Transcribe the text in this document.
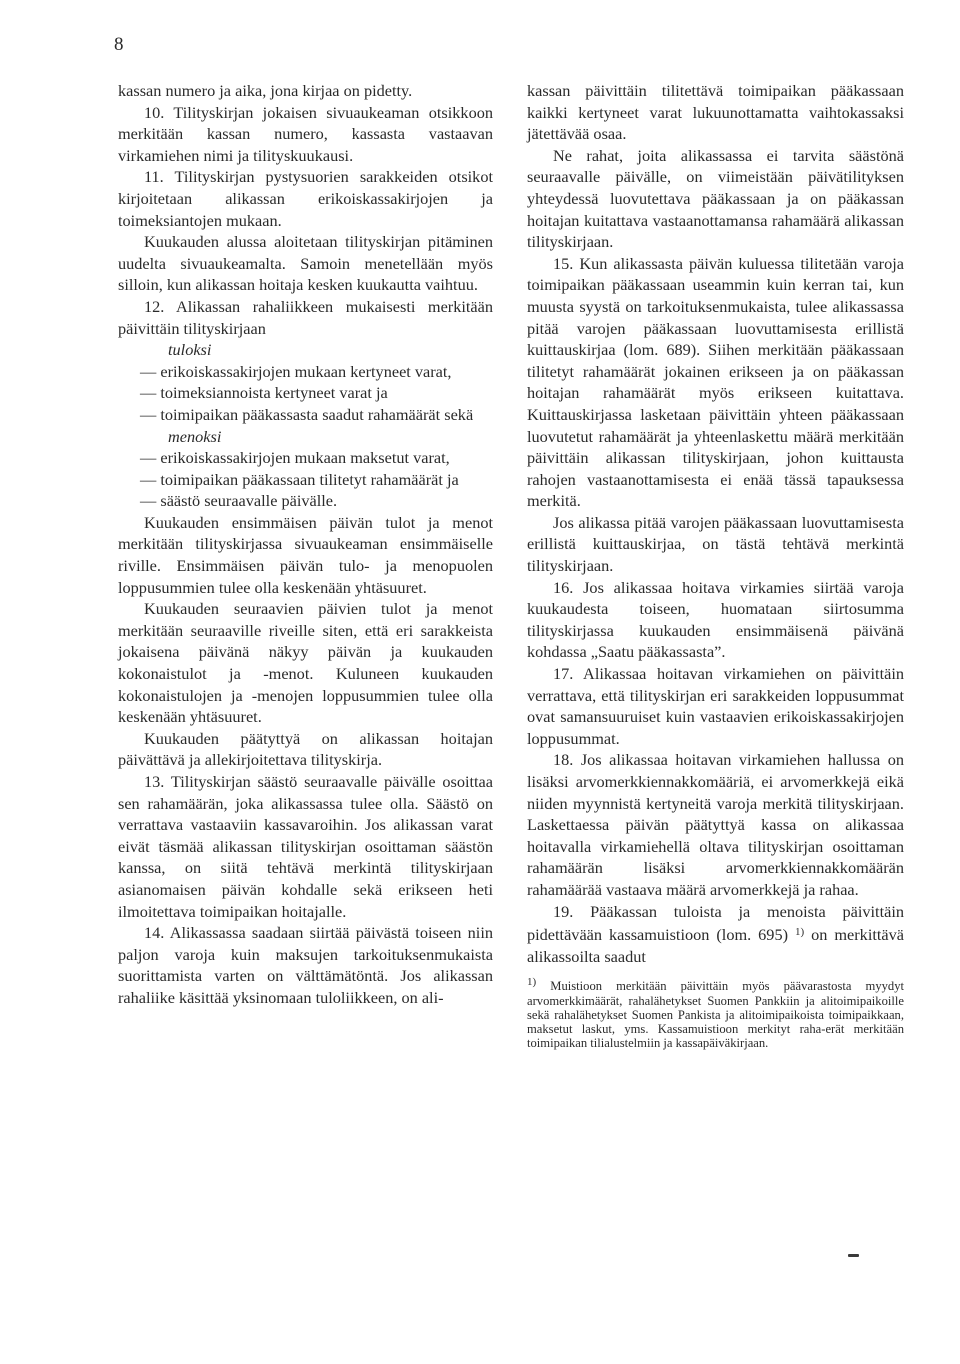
8

kassan numero ja aika, jona kirjaa on pidetty.

10. Tilityskirjan jokaisen sivuaukeaman otsikkoon merkitään kassan numero, kassasta vastaavan virkamiehen nimi ja tilityskuukausi.

11. Tilityskirjan pystysuorien sarakkeiden otsikot kirjoitetaan alikassan erikoiskassakirjojen ja toimeksiantojen mukaan.

Kuukauden alussa aloitetaan tilityskirjan pitäminen uudelta sivuaukeamalta. Samoin menetellään myös silloin, kun alikassan hoitaja kesken kuukautta vaihtuu.

12. Alikassan rahaliikkeen mukaisesti merkitään päivittäin tilityskirjaan

tuloksi

— erikoiskassakirjojen mukaan kertyneet varat,

— toimeksiannoista kertyneet varat ja

— toimipaikan pääkassasta saadut rahamäärät sekä

menoksi

— erikoiskassakirjojen mukaan maksetut varat,

— toimipaikan pääkassaan tilitetyt rahamäärät ja

— säästö seuraavalle päivälle.

Kuukauden ensimmäisen päivän tulot ja menot merkitään tilityskirjassa sivuaukeaman ensimmäiselle riville. Ensimmäisen päivän tulo- ja menopuolen loppusummien tulee olla keskenään yhtäsuuret.

Kuukauden seuraavien päivien tulot ja menot merkitään seuraaville riveille siten, että eri sarakkeista jokaisena päivänä näkyy päivän ja kuukauden kokonaistulot ja -menot. Kuluneen kuukauden kokonaistulojen ja -menojen loppusummien tulee olla keskenään yhtäsuuret.

Kuukauden päätyttyä on alikassan hoitajan päivättävä ja allekirjoitettava tilityskirja.

13. Tilityskirjan säästö seuraavalle päivälle osoittaa sen rahamäärän, joka alikassassa tulee olla. Säästö on verrattava vastaaviin kassavaroihin. Jos alikassan varat eivät täsmää alikassan tilityskirjan osoittaman säästön kanssa, on siitä tehtävä merkintä tilityskirjaan asianomaisen päivän kohdalle sekä erikseen heti ilmoitettava toimipaikan hoitajalle.

14. Alikassassa saadaan siirtää päivästä toiseen niin paljon varoja kuin maksujen tarkoituksenmukaista suorittamista varten on välttämätöntä. Jos alikassan rahaliike käsittää yksinomaan tuloliikkeen, on ali-

kassan päivittäin tilitettävä toimipaikan pääkassaan kaikki kertyneet varat lukuunottamatta vaihtokassaksi jätettävää osaa.

Ne rahat, joita alikassassa ei tarvita säästönä seuraavalle päivälle, on viimeistään päivätilityksen yhteydessä luovutettava pääkassaan ja on pääkassan hoitajan kuitattava vastaanottamansa rahamäärä alikassan tilityskirjaan.

15. Kun alikassasta päivän kuluessa tilitetään varoja toimipaikan pääkassaan useammin kuin kerran tai, kun muusta syystä on tarkoituksenmukaista, tulee alikassassa pitää varojen pääkassaan luovuttamisesta erillistä kuittauskirjaa (lom. 689). Siihen merkitään pääkassaan tilitetyt rahamäärät jokainen erikseen ja on pääkassan hoitajan rahamäärät myös erikseen kuitattava. Kuittauskirjassa lasketaan päivittäin yhteen pääkassaan luovutetut rahamäärät ja yhteenlaskettu määrä merkitään päivittäin alikassan tilityskirjaan, johon kuittausta rahojen vastaanottamisesta ei enää tässä tapauksessa merkitä.

Jos alikassa pitää varojen pääkassaan luovuttamisesta erillistä kuittauskirjaa, on tästä tehtävä merkintä tilityskirjaan.

16. Jos alikassaa hoitava virkamies siirtää varoja kuukaudesta toiseen, huomataan siirtosumma tilityskirjassa kuukauden ensimmäisenä päivänä kohdassa „Saatu pääkassasta”.

17. Alikassaa hoitavan virkamiehen on päivittäin verrattava, että tilityskirjan eri sarakkeiden loppusummat ovat samansuuruiset kuin vastaavien erikoiskassakirjojen loppusummat.

18. Jos alikassaa hoitavan virkamiehen hallussa on lisäksi arvomerkkiennakkomääriä, ei arvomerkkejä eikä niiden myynnistä kertyneitä varoja merkitä tilityskirjaan. Laskettaessa päivän päätyttyä kassa on alikassaa hoitavalla virkamiehellä oltava tilityskirjan osoittaman rahamäärän lisäksi arvomerkkiennakkomäärän rahamäärää vastaava määrä arvomerkkejä ja rahaa.

19. Pääkassan tuloista ja menoista päivittäin pidettävään kassamuistioon (lom. 695) $^{1)}$ on merkittävä alikassoilta saadut

1) Muistioon merkitään päivittäin myös päävarastosta myydyt arvomerkkimäärät, rahalähetykset Suomen Pankkiin ja alitoimipaikoille sekä rahalähetykset Suomen Pankista ja alitoimipaikoista toimipaikkaan, maksetut laskut, yms. Kassamuistioon merkityt raha-erät merkitään toimipaikan tilialustelmiin ja kassapäiväkirjaan.
